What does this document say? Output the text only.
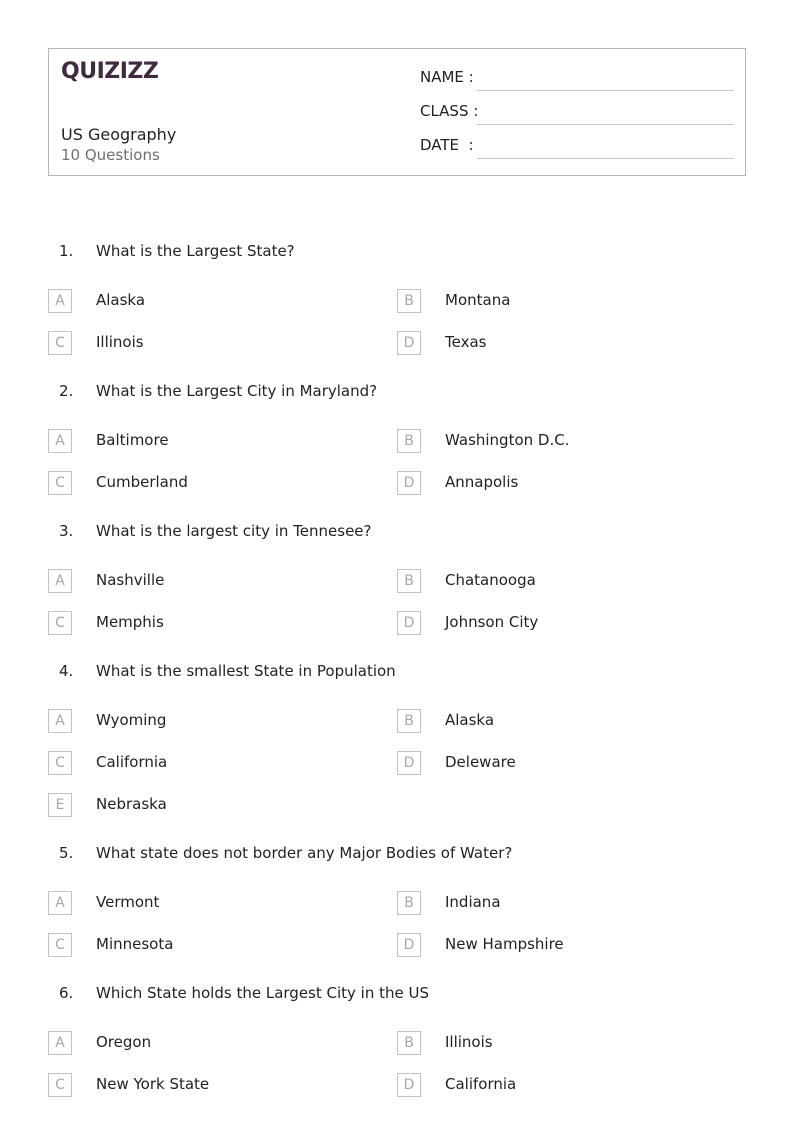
QUIZIZZ
US Geography
10 Questions
NAME :
CLASS :
DATE  :
1. What is the Largest State?
A	Alaska	B	Montana
C	Illinois	D	Texas
2. What is the Largest City in Maryland?
A	Baltimore	B	Washington D.C.
C	Cumberland	D	Annapolis
3. What is the largest city in Tennesee?
A	Nashville	B	Chatanooga
C	Memphis	D	Johnson City
4. What is the smallest State in Population
A	Wyoming	B	Alaska
C	California	D	Deleware
E	Nebraska
5. What state does not border any Major Bodies of Water?
A	Vermont	B	Indiana
C	Minnesota	D	New Hampshire
6. Which State holds the Largest City in the US
A	Oregon	B	Illinois
C	New York State	D	California
